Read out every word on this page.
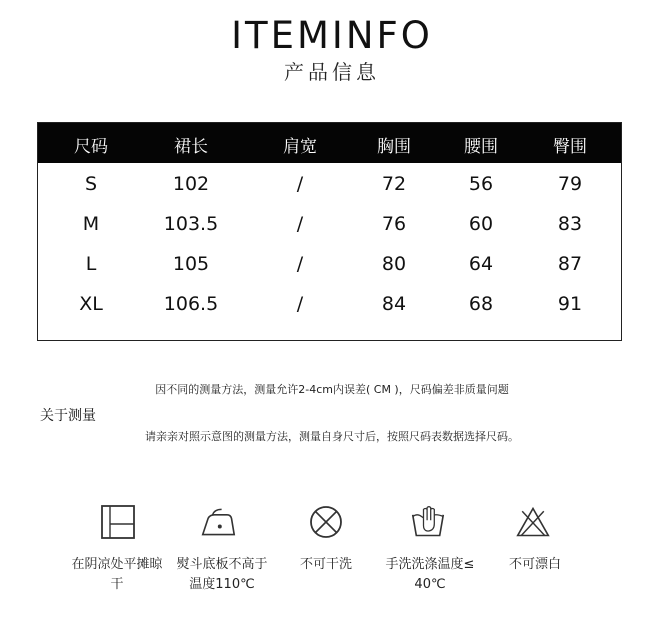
ITEMINFO
产品信息
尺码	裙长	肩宽	胸围	腰围	臀围
S	102	/	72	56	79
M	103.5	/	76	60	83
L	105	/	80	64	87
XL	106.5	/	84	68	91
因不同的测量方法，测量允许2-4cm内误差( CM )，尺码偏差非质量问题
关于测量
请亲亲对照示意图的测量方法，测量自身尺寸后，按照尺码表数据选择尺码。
在阴凉处平摊晾
干
熨斗底板不高于
温度110℃
不可干洗	手洗洗涤温度≤
40℃
不可漂白
